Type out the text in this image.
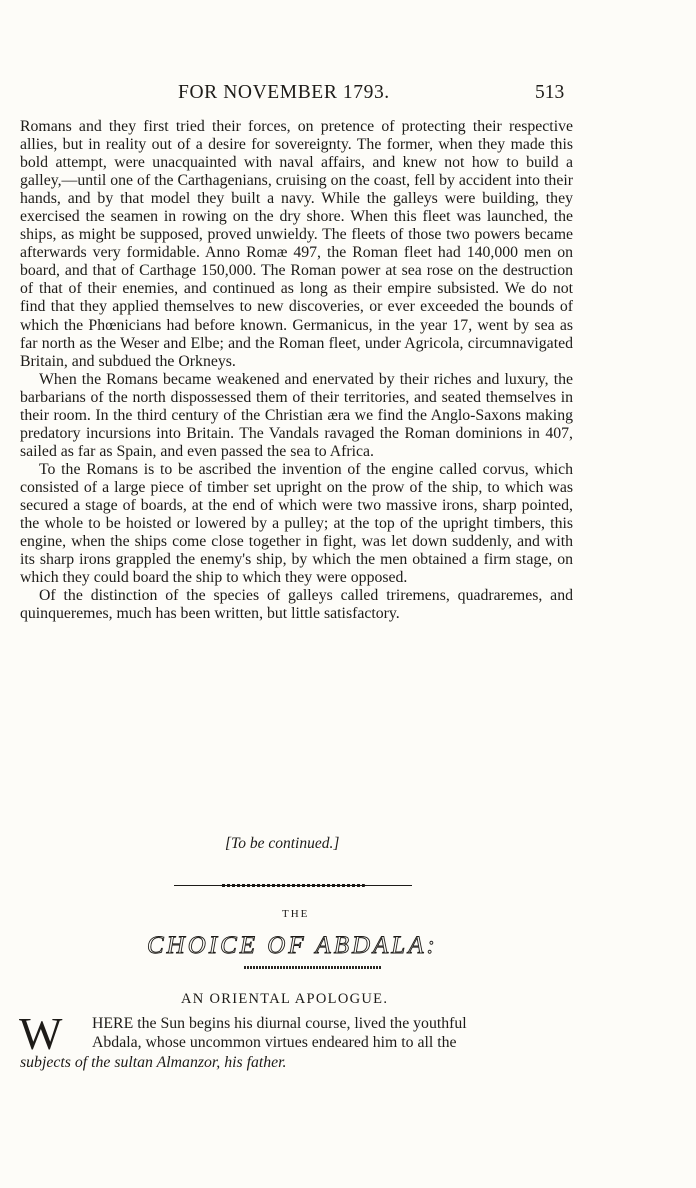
FOR NOVEMBER 1793.	513

Romans and they first tried their forces, on pretence of protecting their respective allies, but in reality out of a desire for sovereignty. The former, when they made this bold attempt, were unacquainted with naval affairs, and knew not how to build a galley,—until one of the Carthagenians, cruising on the coast, fell by accident into their hands, and by that model they built a navy. While the galleys were building, they exercised the seamen in rowing on the dry shore. When this fleet was launched, the ships, as might be supposed, proved unwieldy. The fleets of those two powers became afterwards very formidable. Anno Romæ 497, the Roman fleet had 140,000 men on board, and that of Carthage 150,000. The Roman power at sea rose on the destruction of that of their enemies, and continued as long as their empire subsisted. We do not find that they applied themselves to new discoveries, or ever exceeded the bounds of which the Phœnicians had before known. Germanicus, in the year 17, went by sea as far north as the Weser and Elbe; and the Roman fleet, under Agricola, circumnavigated Britain, and subdued the Orkneys.

When the Romans became weakened and enervated by their riches and luxury, the barbarians of the north dispossessed them of their territories, and seated themselves in their room. In the third century of the Christian æra we find the Anglo-Saxons making predatory incursions into Britain. The Vandals ravaged the Roman dominions in 407, sailed as far as Spain, and even passed the sea to Africa.

To the Romans is to be ascribed the invention of the engine called corvus, which consisted of a large piece of timber set upright on the prow of the ship, to which was secured a stage of boards, at the end of which were two massive irons, sharp pointed, the whole to be hoisted or lowered by a pulley; at the top of the upright timbers, this engine, when the ships come close together in fight, was let down suddenly, and with its sharp irons grappled the enemy's ship, by which the men obtained a firm stage, on which they could board the ship to which they were opposed.

Of the distinction of the species of galleys called triremens, quadraremes, and quinqueremes, much has been written, but little satisfactory.

[To be continued.]
THE
CHOICE OF ABDALA:
AN ORIENTAL APOLOGUE.
W HERE the Sun begins his diurnal course, lived the youthful
Abdala, whose uncommon virtues endeared him to all the
subjects of the sultan Almanzor, his father.
